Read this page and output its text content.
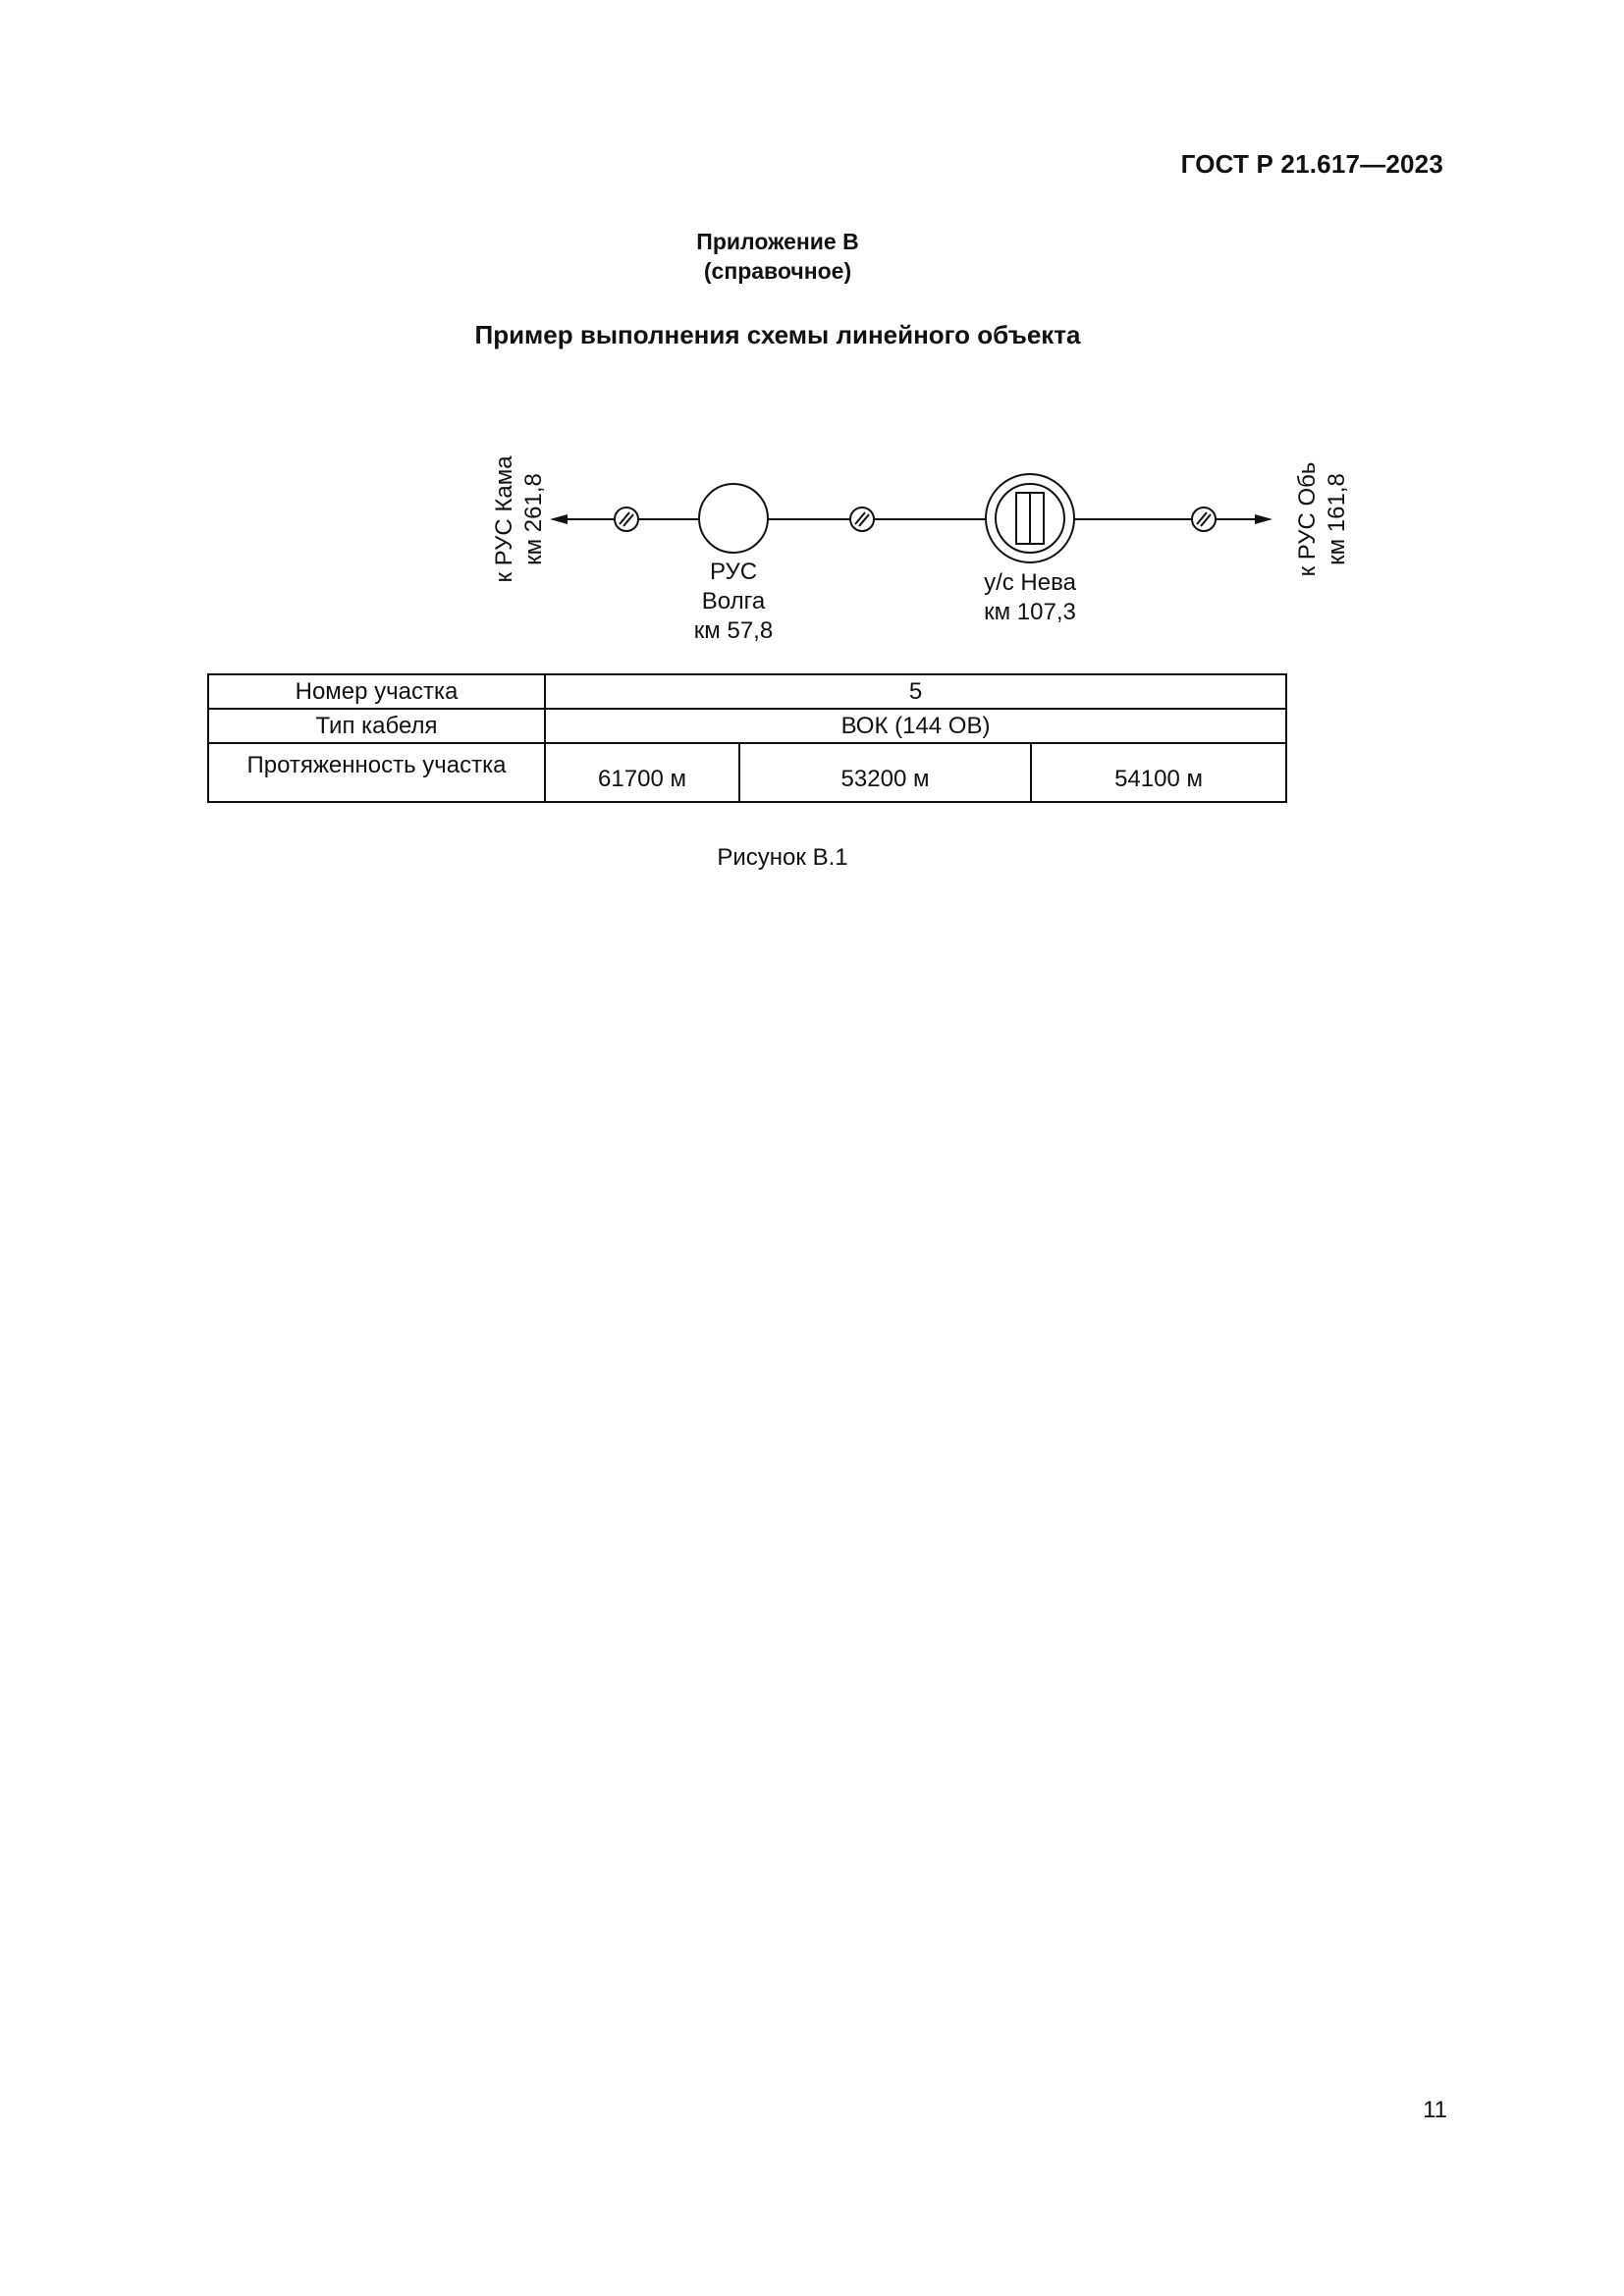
ГОСТ Р 21.617—2023
Приложение В
(справочное)
Пример выполнения схемы линейного объекта
РУС
Волга
км 57,8
у/с Нева
км 107,3
к РУС Кама км 261,8	к РУС Обь км 161,8
Номер участка	5		
Тип кабеля	ВОК (144 ОВ)		
Протяженность участка	61700 м	53200 м	54100 м
Рисунок В.1
11
